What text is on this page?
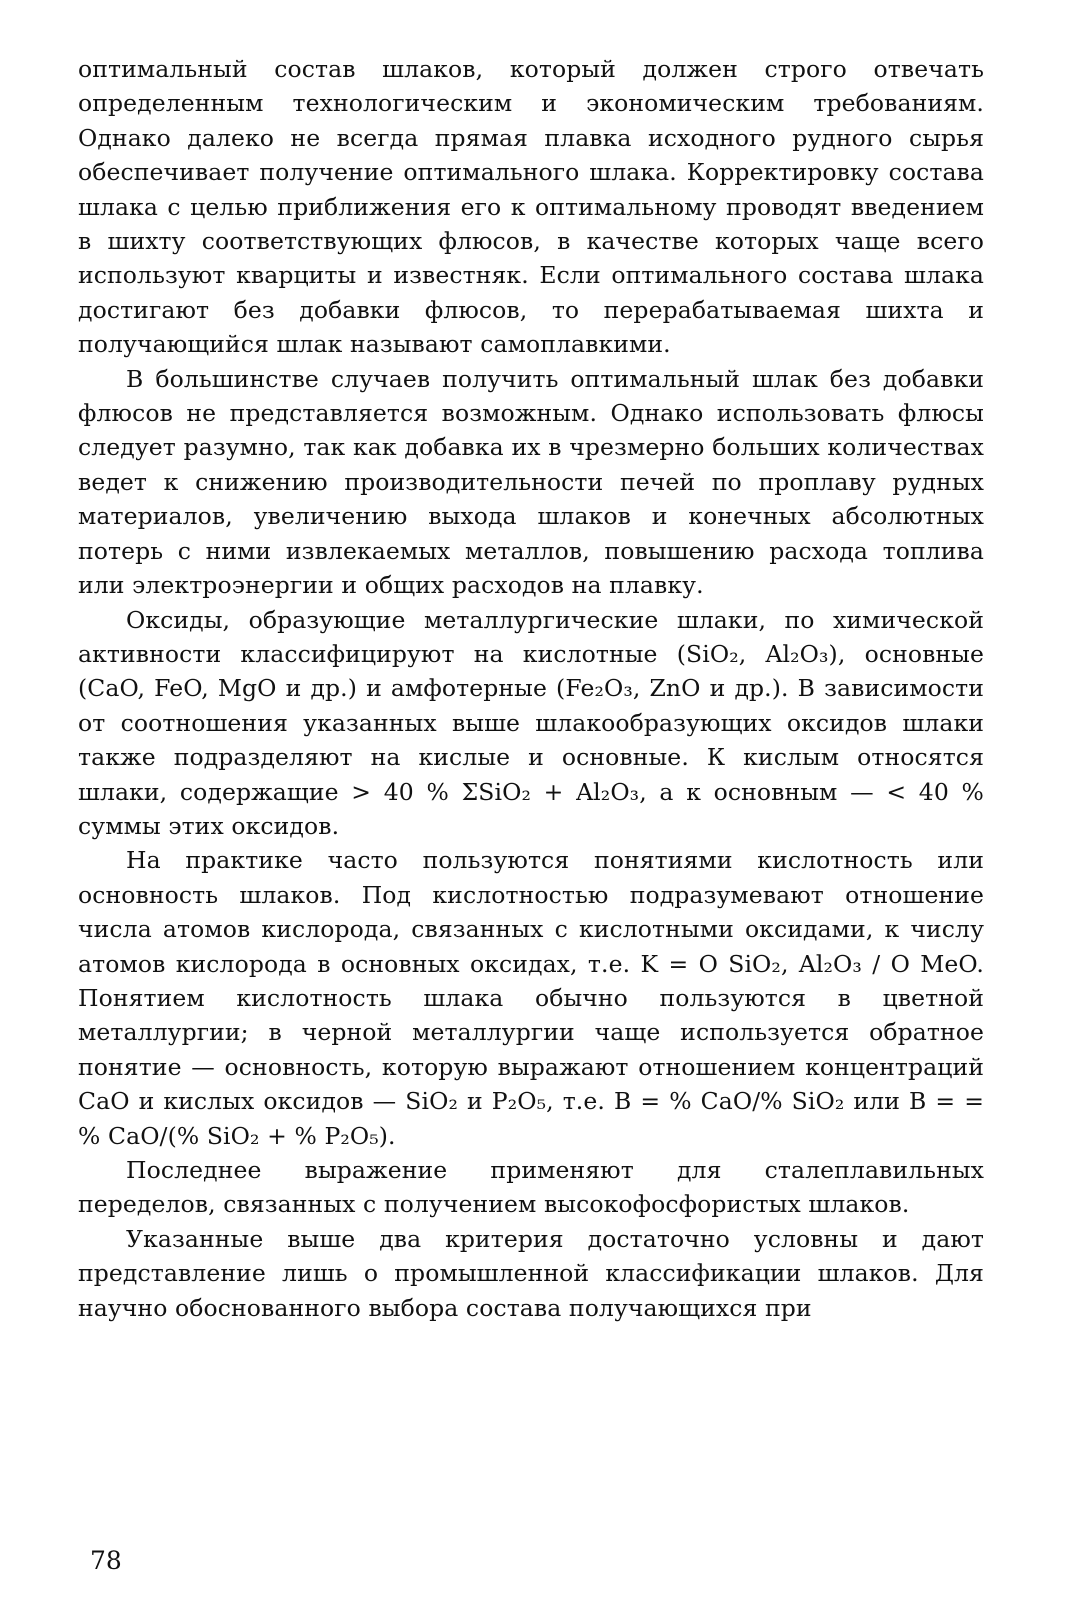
оптимальный состав шлаков, который должен строго отвечать определенным технологическим и экономическим требованиям. Однако далеко не всегда прямая плавка исходного рудного сырья обеспечивает получение оптимального шлака. Корректировку состава шлака с целью приближения его к оптимальному проводят введением в шихту соответствующих флюсов, в качестве которых чаще всего используют кварциты и известняк. Если оптимального состава шлака достигают без добавки флюсов, то перерабатываемая шихта и получающийся шлак называют самоплавкими.

В большинстве случаев получить оптимальный шлак без добавки флюсов не представляется возможным. Однако использовать флюсы следует разумно, так как добавка их в чрезмерно больших количествах ведет к снижению производительности печей по проплаву рудных материалов, увеличению выхода шлаков и конечных абсолютных потерь с ними извлекаемых металлов, повышению расхода топлива или электроэнергии и общих расходов на плавку.

Оксиды, образующие металлургические шлаки, по химической активности классифицируют на кислотные (SiO₂, Al₂O₃), основные (CaO, FeO, MgO и др.) и амфотерные (Fe₂O₃, ZnO и др.). В зависимости от соотношения указанных выше шлакообразующих оксидов шлаки также подразделяют на кислые и основные. К кислым относятся шлаки, содержащие > 40 % ΣSiO₂ + Al₂O₃, а к основным — < 40 % суммы этих оксидов.

На практике часто пользуются понятиями кислотность или основность шлаков. Под кислотностью подразумевают отношение числа атомов кислорода, связанных с кислотными оксидами, к числу атомов кислорода в основных оксидах, т.е. K = O SiO₂, Al₂O₃ / O MeO. Понятием кислотность шлака обычно пользуются в цветной металлургии; в черной металлургии чаще используется обратное понятие — основность, которую выражают отношением концентраций CaO и кислых оксидов — SiO₂ и P₂O₅, т.е. B = % CaO/% SiO₂ или B = = % CaO/(% SiO₂ + % P₂O₅).

Последнее выражение применяют для сталеплавильных переделов, связанных с получением высокофосфористых шлаков.

Указанные выше два критерия достаточно условны и дают представление лишь о промышленной классификации шлаков. Для научно обоснованного выбора состава получающихся при

78
